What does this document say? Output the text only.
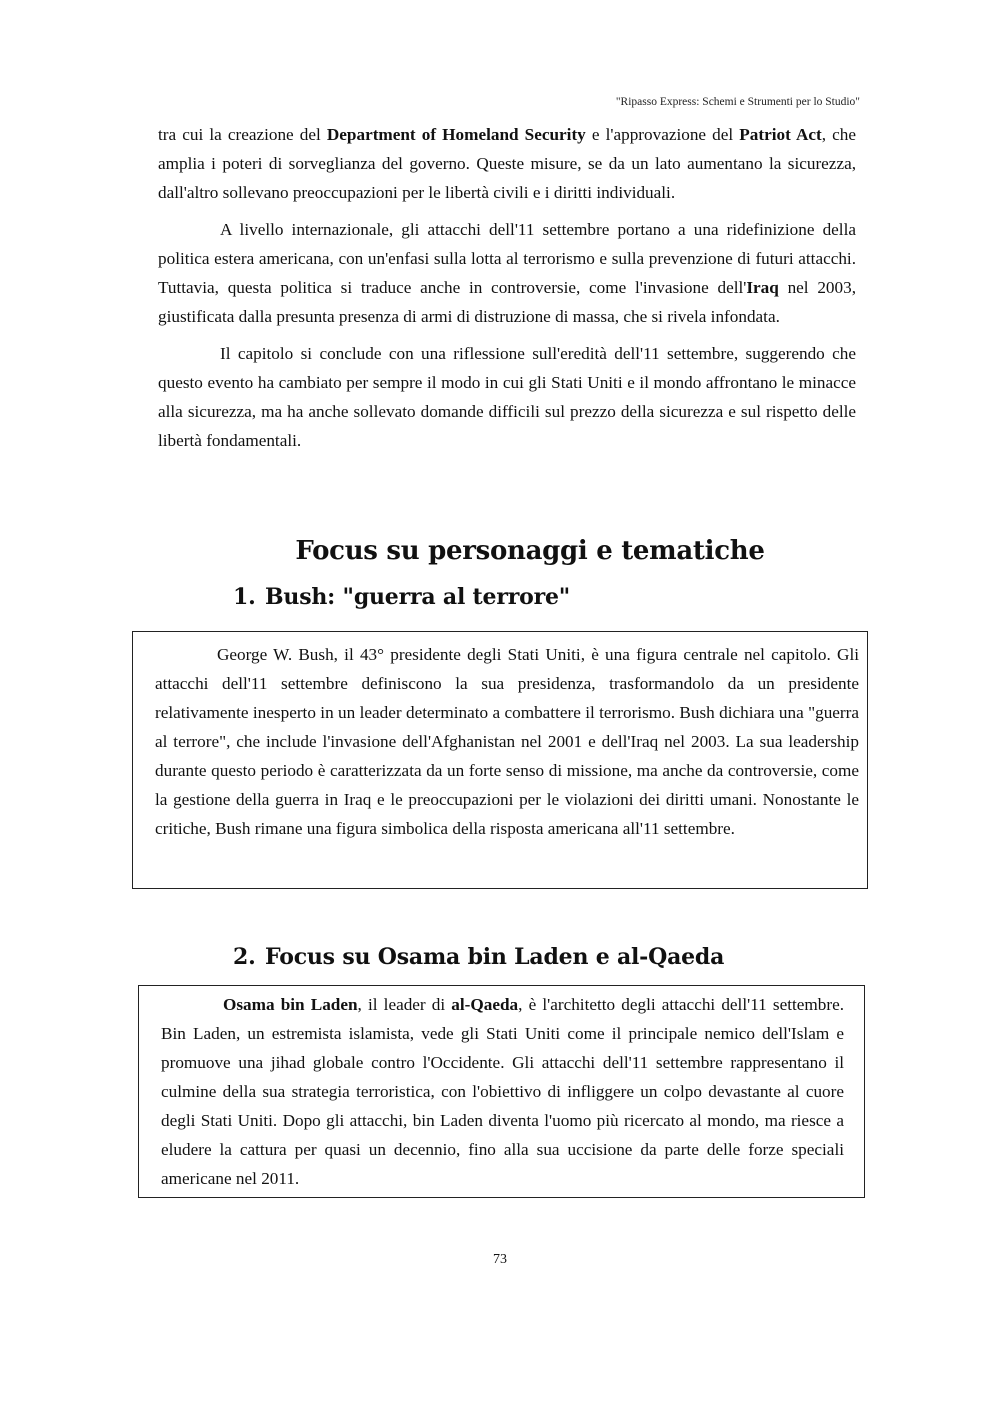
"Ripasso Express: Schemi e Strumenti per lo Studio"

tra cui la creazione del Department of Homeland Security e l'approvazione del Patriot Act, che amplia i poteri di sorveglianza del governo. Queste misure, se da un lato aumentano la sicurezza, dall'altro sollevano preoccupazioni per le libertà civili e i diritti individuali.

A livello internazionale, gli attacchi dell'11 settembre portano a una ridefinizione della politica estera americana, con un'enfasi sulla lotta al terrorismo e sulla prevenzione di futuri attacchi. Tuttavia, questa politica si traduce anche in controversie, come l'invasione dell'Iraq nel 2003, giustificata dalla presunta presenza di armi di distruzione di massa, che si rivela infondata.

Il capitolo si conclude con una riflessione sull'eredità dell'11 settembre, suggerendo che questo evento ha cambiato per sempre il modo in cui gli Stati Uniti e il mondo affrontano le minacce alla sicurezza, ma ha anche sollevato domande difficili sul prezzo della sicurezza e sul rispetto delle libertà fondamentali.

Focus su personaggi e tematiche
1. Bush: "guerra al terrore"

George W. Bush, il 43° presidente degli Stati Uniti, è una figura centrale nel capitolo. Gli attacchi dell'11 settembre definiscono la sua presidenza, trasformandolo da un presidente relativamente inesperto in un leader determinato a combattere il terrorismo. Bush dichiara una "guerra al terrore", che include l'invasione dell'Afghanistan nel 2001 e dell'Iraq nel 2003. La sua leadership durante questo periodo è caratterizzata da un forte senso di missione, ma anche da controversie, come la gestione della guerra in Iraq e le preoccupazioni per le violazioni dei diritti umani. Nonostante le critiche, Bush rimane una figura simbolica della risposta americana all'11 settembre.

2. Focus su Osama bin Laden e al-Qaeda

Osama bin Laden, il leader di al-Qaeda, è l'architetto degli attacchi dell'11 settembre. Bin Laden, un estremista islamista, vede gli Stati Uniti come il principale nemico dell'Islam e promuove una jihad globale contro l'Occidente. Gli attacchi dell'11 settembre rappresentano il culmine della sua strategia terroristica, con l'obiettivo di infliggere un colpo devastante al cuore degli Stati Uniti. Dopo gli attacchi, bin Laden diventa l'uomo più ricercato al mondo, ma riesce a eludere la cattura per quasi un decennio, fino alla sua uccisione da parte delle forze speciali americane nel 2011.

73
